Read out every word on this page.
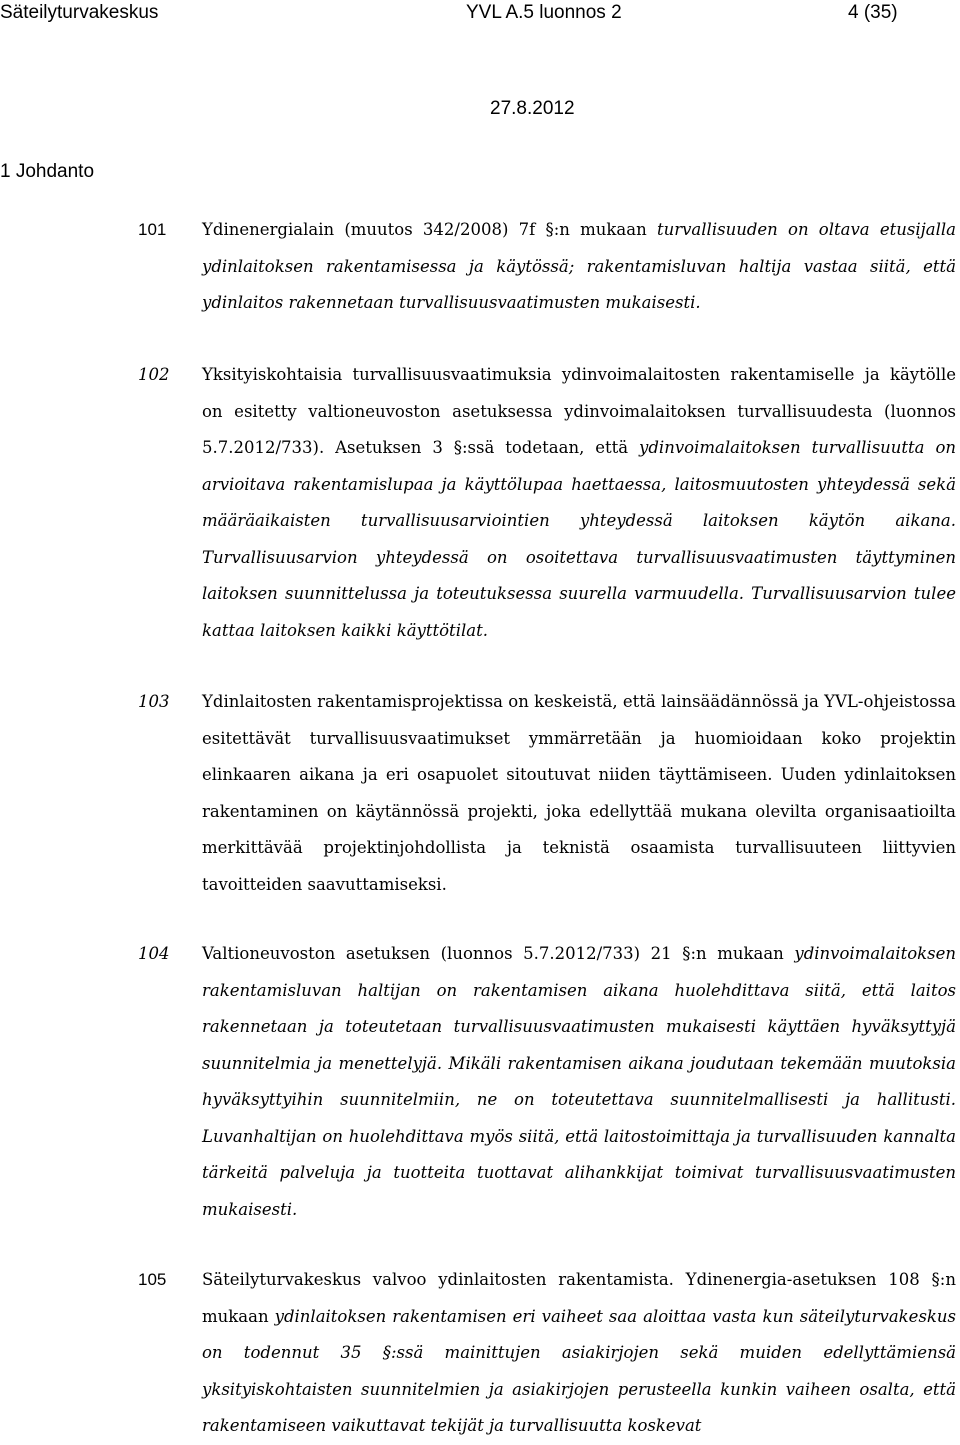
Säteilyturvakeskus	YVL A.5 luonnos 2	4 (35)
27.8.2012
1 Johdanto
101 Ydinenergialain (muutos 342/2008) 7f §:n mukaan turvallisuuden on oltava etusijalla ydinlaitoksen rakentamisessa ja käytössä; rakentamisluvan haltija vastaa siitä, että ydinlaitos rakennetaan turvallisuusvaatimusten mukaisesti.
102 Yksityiskohtaisia turvallisuusvaatimuksia ydinvoimalaitosten rakentamiselle ja käytölle on esitetty valtioneuvoston asetuksessa ydinvoimalaitoksen turvallisuudesta (luonnos 5.7.2012/733). Asetuksen 3 §:ssä todetaan, että ydinvoimalaitoksen turvallisuutta on arvioitava rakentamislupaa ja käyttölupaa haettaessa, laitosmuutosten yhteydessä sekä määräaikaisten turvallisuusarviointien yhteydessä laitoksen käytön aikana. Turvallisuusarvion yhteydessä on osoitettava turvallisuusvaatimusten täyttyminen laitoksen suunnittelussa ja toteutuksessa suurella varmuudella. Turvallisuusarvion tulee kattaa laitoksen kaikki käyttötilat.
103 Ydinlaitosten rakentamisprojektissa on keskeistä, että lainsäädännössä ja YVL-ohjeistossa esitettävät turvallisuusvaatimukset ymmärretään ja huomioidaan koko projektin elinkaaren aikana ja eri osapuolet sitoutuvat niiden täyttämiseen. Uuden ydinlaitoksen rakentaminen on käytännössä projekti, joka edellyttää mukana olevilta organisaatioilta merkittävää projektinjohdollista ja teknistä osaamista turvallisuuteen liittyvien tavoitteiden saavuttamiseksi.
104 Valtioneuvoston asetuksen (luonnos 5.7.2012/733) 21 §:n mukaan ydinvoimalaitoksen rakentamisluvan haltijan on rakentamisen aikana huolehdittava siitä, että laitos rakennetaan ja toteutetaan turvallisuusvaatimusten mukaisesti käyttäen hyväksyttyjä suunnitelmia ja menettelyjä. Mikäli rakentamisen aikana joudutaan tekemään muutoksia hyväksyttyihin suunnitelmiin, ne on toteutettava suunnitelmallisesti ja hallitusti. Luvanhaltijan on huolehdittava myös siitä, että laitostoimittaja ja turvallisuuden kannalta tärkeitä palveluja ja tuotteita tuottavat alihankkijat toimivat turvallisuusvaatimusten mukaisesti.
105 Säteilyturvakeskus valvoo ydinlaitosten rakentamista. Ydinenergia-asetuksen 108 §:n mukaan ydinlaitoksen rakentamisen eri vaiheet saa aloittaa vasta kun säteilyturvakeskus on todennut 35 §:ssä mainittujen asiakirjojen sekä muiden edellyttämiensä yksityiskohtaisten suunnitelmien ja asiakirjojen perusteella kunkin vaiheen osalta, että rakentamiseen vaikuttavat tekijät ja turvallisuutta koskevat
